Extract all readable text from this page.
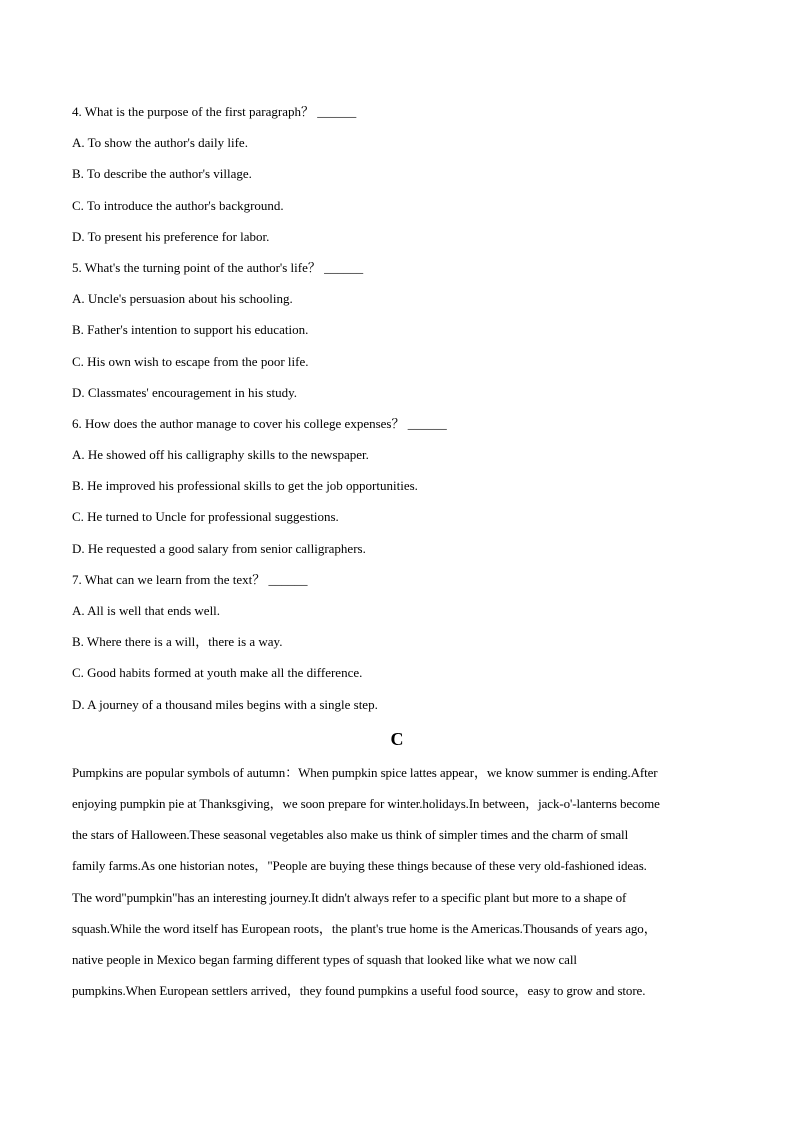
4. What is the purpose of the first paragraph？ ______
A. To show the author's daily life.
B. To describe the author's village.
C. To introduce the author's background.
D. To present his preference for labor.
5. What's the turning point of the author's life？ ______
A. Uncle's persuasion about his schooling.
B. Father's intention to support his education.
C. His own wish to escape from the poor life.
D. Classmates' encouragement in his study.
6. How does the author manage to cover his college expenses？ ______
A. He showed off his calligraphy skills to the newspaper.
B. He improved his professional skills to get the job opportunities.
C. He turned to Uncle for professional suggestions.
D. He requested a good salary from senior calligraphers.
7. What can we learn from the text？ ______
A. All is well that ends well.
B. Where there is a will，there is a way.
C. Good habits formed at youth make all the difference.
D. A journey of a thousand miles begins with a single step.
C
Pumpkins are popular symbols of autumn：When pumpkin spice lattes appear，we know summer is ending.After
enjoying pumpkin pie at Thanksgiving，we soon prepare for winter.holidays.In between，jack-o'-lanterns become
the stars of Halloween.These seasonal vegetables also make us think of simpler times and the charm of small
family farms.As one historian notes，"People are buying these things because of these very old-fashioned ideas.
The word"pumpkin"has an interesting journey.It didn't always refer to a specific plant but more to a shape of
squash.While the word itself has European roots，the plant's true home is the Americas.Thousands of years ago，
native people in Mexico began farming different types of squash that looked like what we now call
pumpkins.When European settlers arrived，they found pumpkins a useful food source，easy to grow and store.
